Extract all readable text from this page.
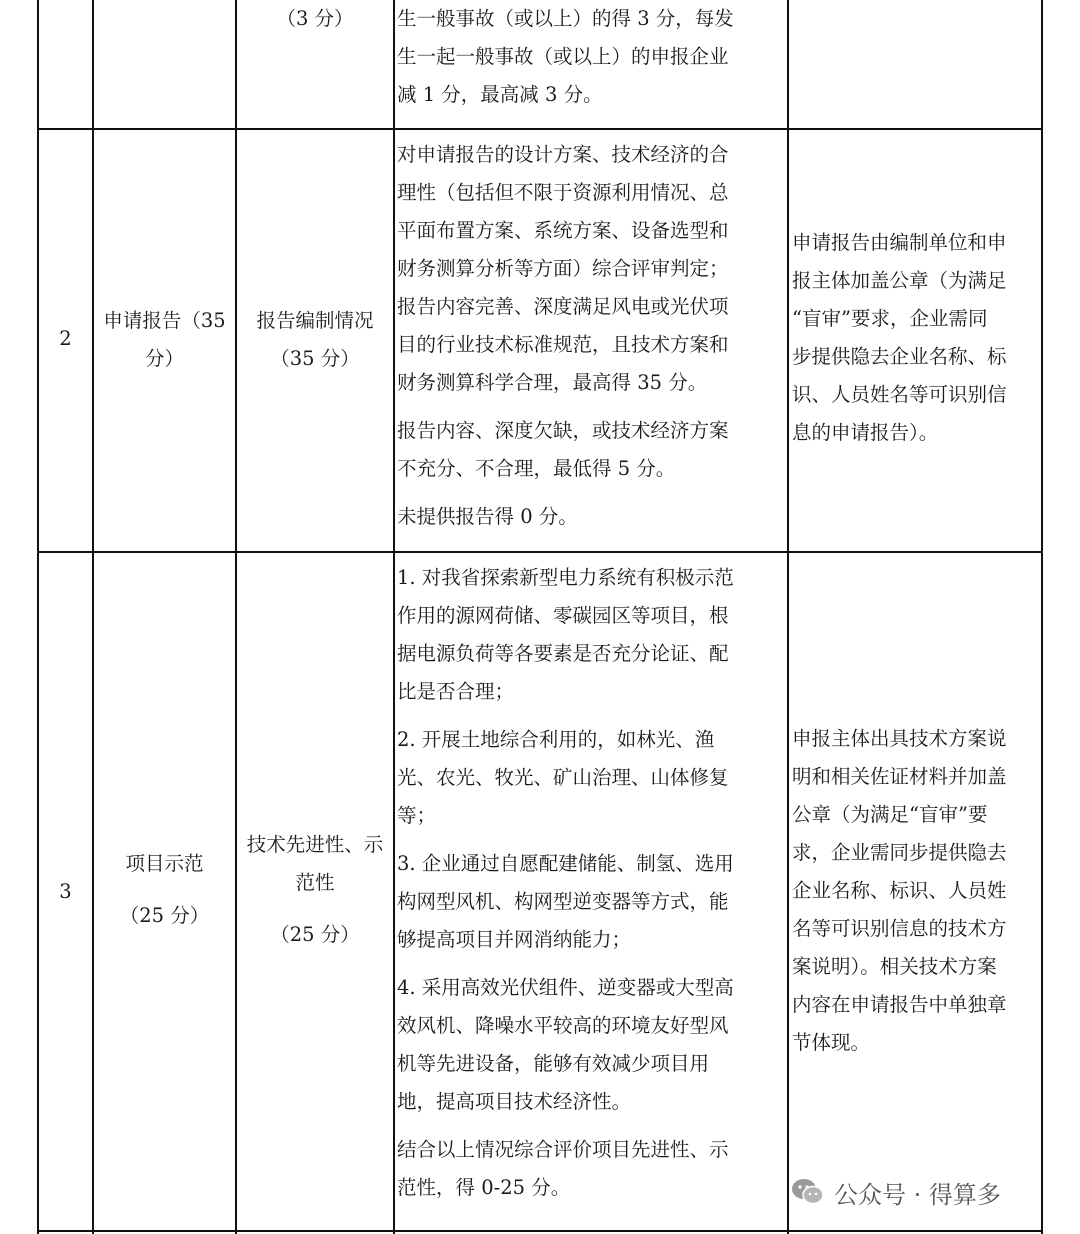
（3 分）	生一般事故（或以上）的得 3 分，每发
生一起一般事故（或以上）的申报企业
减 1 分，最高减 3 分。

2

申请报告（35
分）

报告编制情况
（35 分）

对申请报告的设计方案、技术经济的合
理性（包括但不限于资源利用情况、总
平面布置方案、系统方案、设备选型和
财务测算分析等方面）综合评审判定；
报告内容完善、深度满足风电或光伏项
目的行业技术标准规范，且技术方案和
财务测算科学合理，最高得 35 分。

报告内容、深度欠缺，或技术经济方案
不充分、不合理，最低得 5 分。

未提供报告得 0 分。

申请报告由编制单位和申
报主体加盖公章（为满足
“盲审”要求，企业需同
步提供隐去企业名称、标
识、人员姓名等可识别信
息的申请报告）。

3

项目示范

（25 分）

技术先进性、示
范性

（25 分）

1. 对我省探索新型电力系统有积极示范
作用的源网荷储、零碳园区等项目，根
据电源负荷等各要素是否充分论证、配
比是否合理；

2. 开展土地综合利用的，如林光、渔
光、农光、牧光、矿山治理、山体修复
等；

3. 企业通过自愿配建储能、制氢、选用
构网型风机、构网型逆变器等方式，能
够提高项目并网消纳能力；

4. 采用高效光伏组件、逆变器或大型高
效风机、降噪水平较高的环境友好型风
机等先进设备，能够有效减少项目用
地，提高项目技术经济性。

结合以上情况综合评价项目先进性、示
范性，得 0-25 分。

申报主体出具技术方案说
明和相关佐证材料并加盖
公章（为满足“盲审”要
求，企业需同步提供隐去
企业名称、标识、人员姓
名等可识别信息的技术方
案说明）。相关技术方案
内容在申请报告中单独章
节体现。

公众号 · 得算多
